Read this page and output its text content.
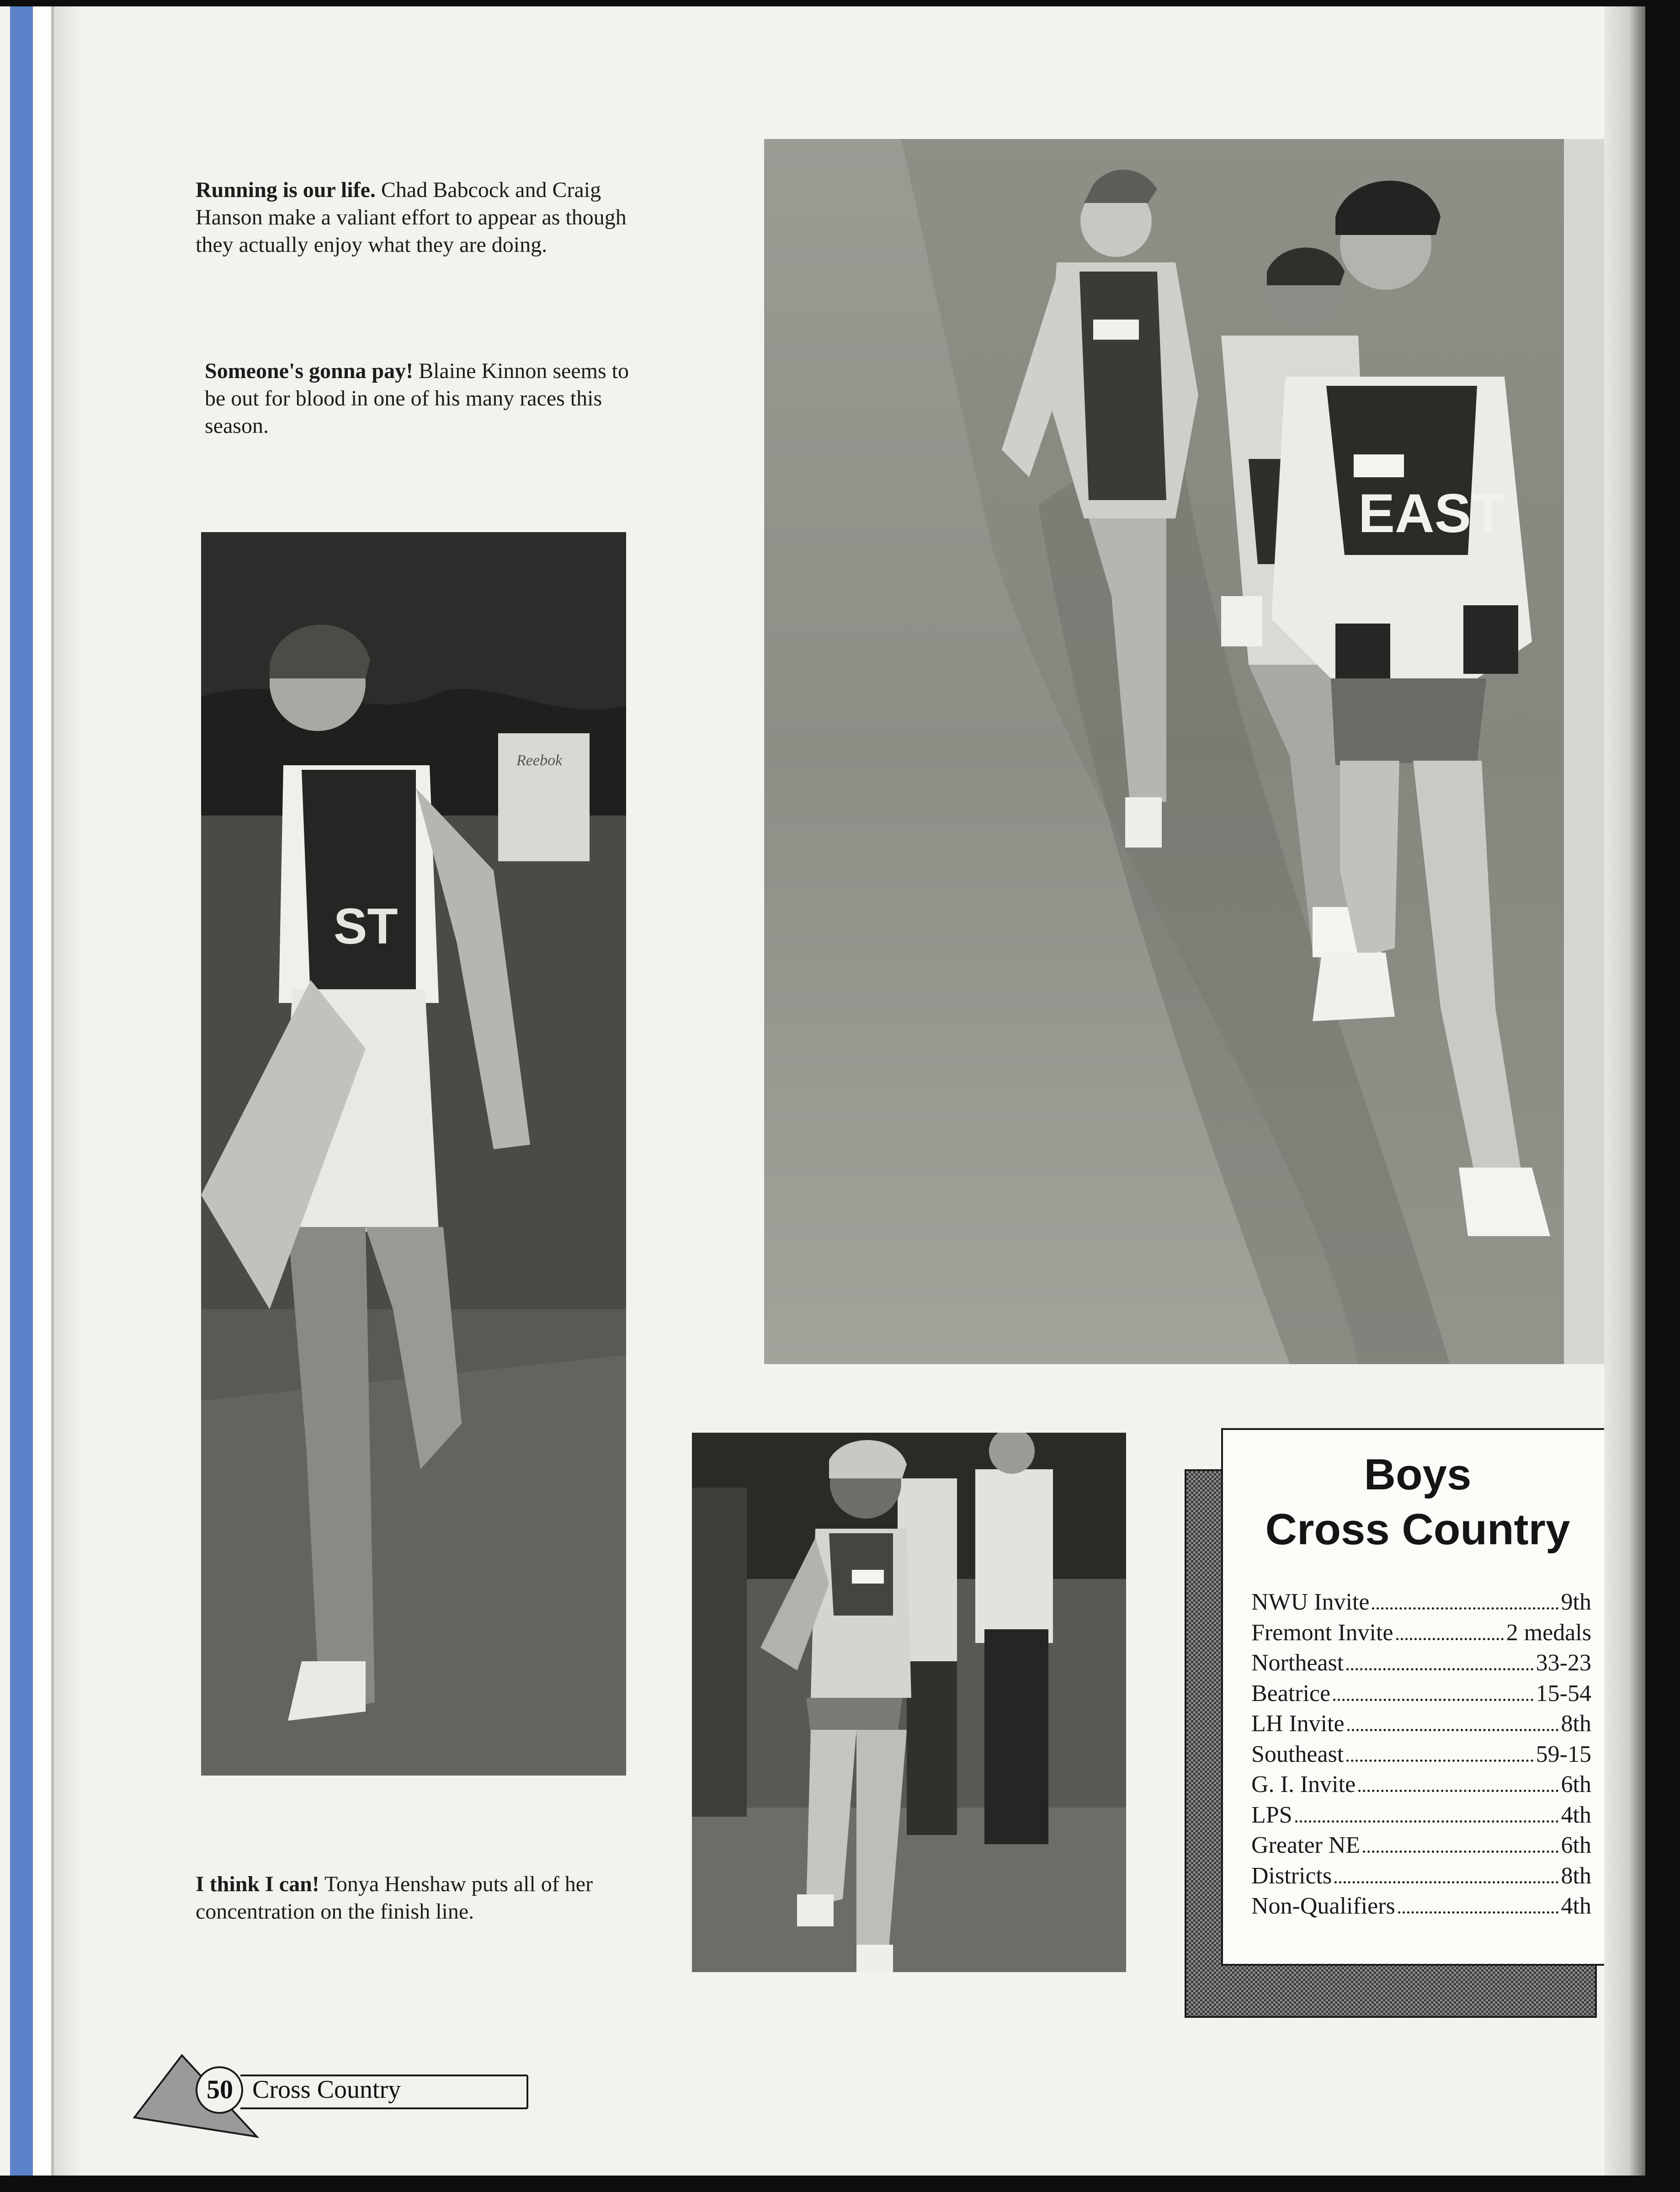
Running is our life. Chad Babcock and Craig Hanson make a valiant effort to appear as though they actually enjoy what they are doing.

Someone's gonna pay! Blaine Kinnon seems to be out for blood in one of his many races this season.

I think I can! Tonya Henshaw puts all of her concentration on the finish line.

EAST
Reebok
ST
Boys
Cross Country
NWU Invite	9th
Fremont Invite	2 medals
Northeast	33-23
Beatrice	15-54
LH Invite	8th
Southeast	59-15
G. I. Invite	6th
LPS	4th
Greater NE	6th
Districts	8th
Non-Qualifiers	4th
50 Cross Country
